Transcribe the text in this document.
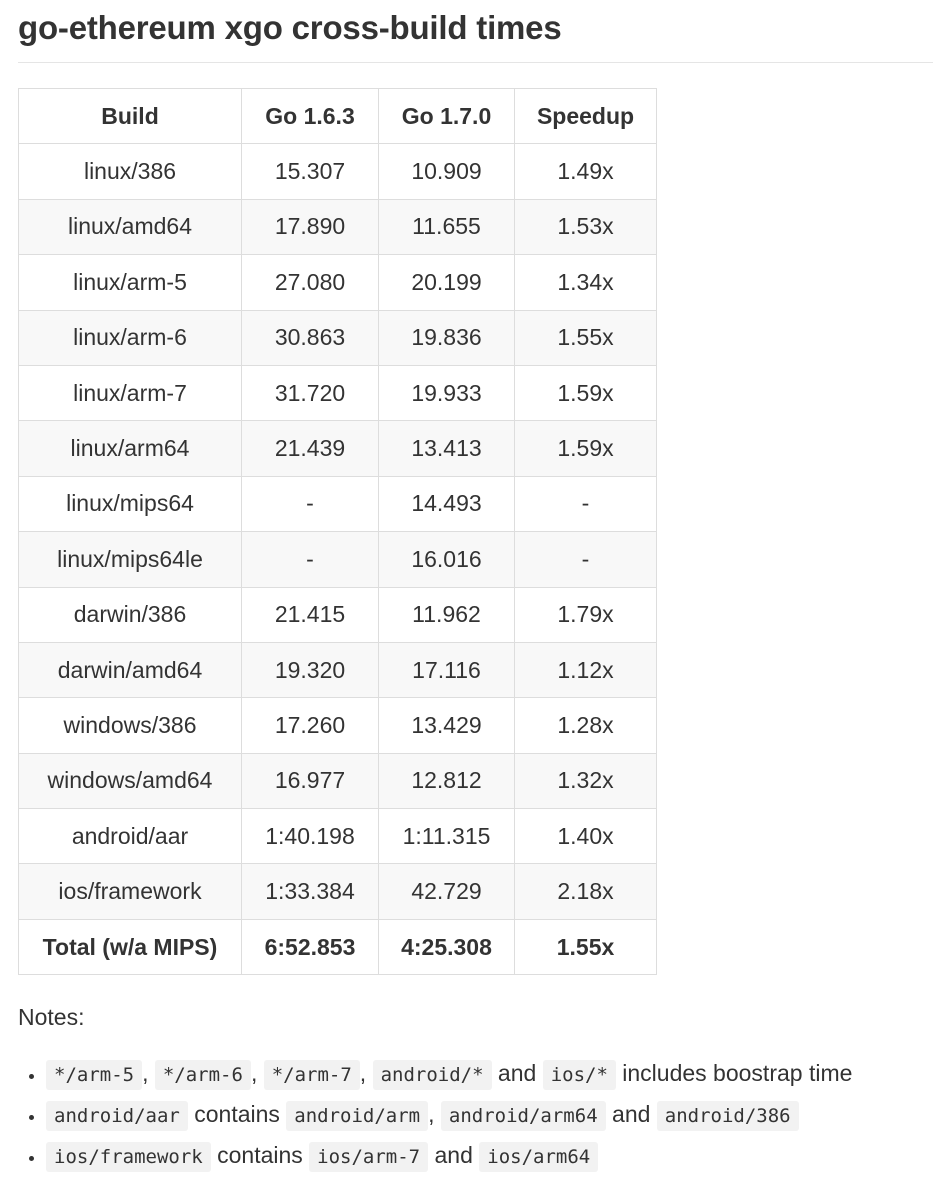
go-ethereum xgo cross-build times
Build	Go 1.6.3	Go 1.7.0	Speedup
linux/386	15.307	10.909	1.49x
linux/amd64	17.890	11.655	1.53x
linux/arm-5	27.080	20.199	1.34x
linux/arm-6	30.863	19.836	1.55x
linux/arm-7	31.720	19.933	1.59x
linux/arm64	21.439	13.413	1.59x
linux/mips64	-	14.493	-
linux/mips64le	-	16.016	-
darwin/386	21.415	11.962	1.79x
darwin/amd64	19.320	17.116	1.12x
windows/386	17.260	13.429	1.28x
windows/amd64	16.977	12.812	1.32x
android/aar	1:40.198	1:11.315	1.40x
ios/framework	1:33.384	42.729	2.18x
Total (w/a MIPS)	6:52.853	4:25.308	1.55x
Notes:
• */arm-5 , */arm-6 , */arm-7 , android/* and ios/* includes boostrap time
• android/aar contains android/arm , android/arm64 and android/386
• ios/framework contains ios/arm-7 and ios/arm64
